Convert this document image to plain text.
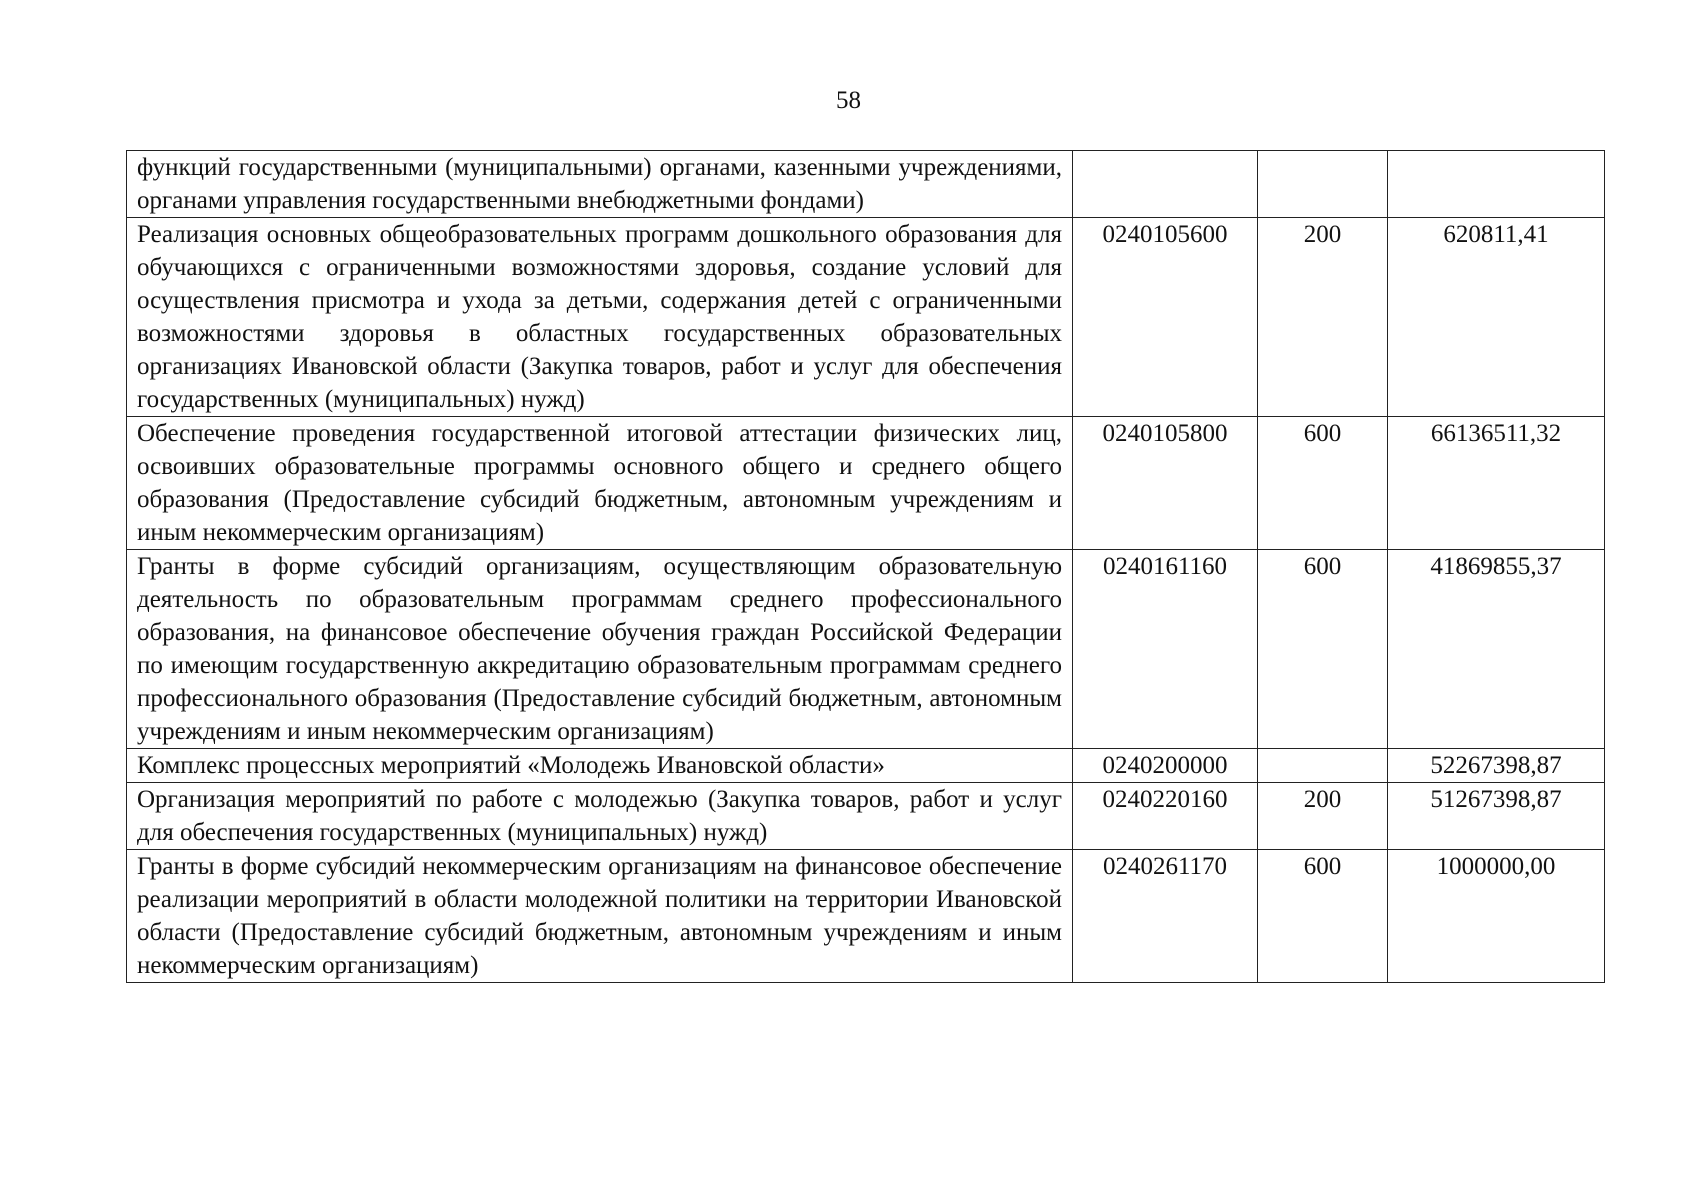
58
функций государственными (муниципальными) органами, казенными учреждениями, органами управления государственными внебюджетными фондами)			
Реализация основных общеобразовательных программ дошкольного образования для обучающихся с ограниченными возможностями здоровья, создание условий для осуществления присмотра и ухода за детьми, содержания детей с ограниченными возможностями здоровья в областных государственных образовательных организациях Ивановской области (Закупка товаров, работ и услуг для обеспечения государственных (муниципальных) нужд)	0240105600	200	620811,41
Обеспечение проведения государственной итоговой аттестации физических лиц, освоивших образовательные программы основного общего и среднего общего образования (Предоставление субсидий бюджетным, автономным учреждениям и иным некоммерческим организациям)	0240105800	600	66136511,32
Гранты в форме субсидий организациям, осуществляющим образовательную деятельность по образовательным программам среднего профессионального образования, на финансовое обеспечение обучения граждан Российской Федерации по имеющим государственную аккредитацию образовательным программам среднего профессионального образования (Предоставление субсидий бюджетным, автономным учреждениям и иным некоммерческим организациям)	0240161160	600	41869855,37
Комплекс процессных мероприятий «Молодежь Ивановской области»	0240200000		52267398,87
Организация мероприятий по работе с молодежью (Закупка товаров, работ и услуг для обеспечения государственных (муниципальных) нужд)	0240220160	200	51267398,87
Гранты в форме субсидий некоммерческим организациям на финансовое обеспечение реализации мероприятий в области молодежной политики на территории Ивановской области (Предоставление субсидий бюджетным, автономным учреждениям и иным некоммерческим организациям)	0240261170	600	1000000,00
